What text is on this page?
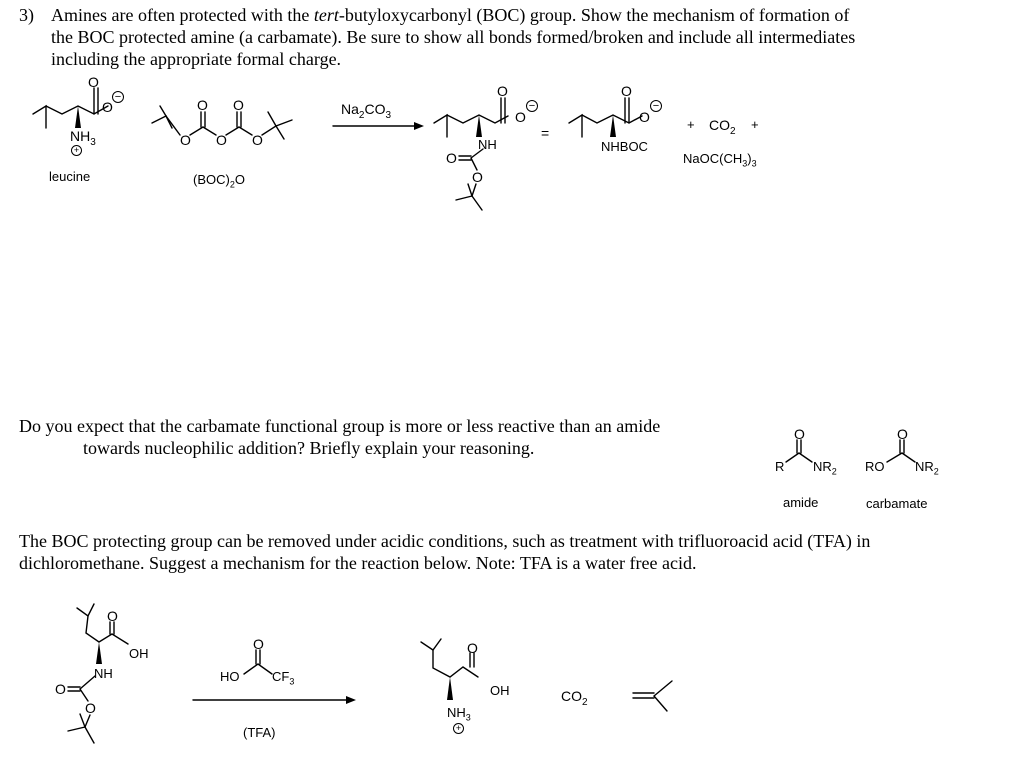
3) Amines are often protected with the tert-butyloxycarbonyl (BOC) group. Show the mechanism of formation of
the BOC protected amine (a carbamate). Be sure to show all bonds formed/broken and include all intermediates
including the appropriate formal charge.
O
O
−
$NH_3$
+
leucine
O O
O O O
$(BOC)_2O$
$Na_2CO_3$
O
O
−
NH
O
O
=
O
O
−
NHBOC
+ $CO_2$ +
$NaOC(CH_3)_3$
Do you expect that the carbamate functional group is more or less reactive than an amide
towards nucleophilic addition? Briefly explain your reasoning.
O
R $NR_2$
amide
O
RO $NR_2$
carbamate
The BOC protecting group can be removed under acidic conditions, such as treatment with trifluoroacid acid (TFA) in
dichloromethane. Suggest a mechanism for the reaction below. Note: TFA is a water free acid.
O
OH
NH
O
O
O
HO	$CF_3$
(TFA)
O
OH
$NH_3$
+
$CO_2$
